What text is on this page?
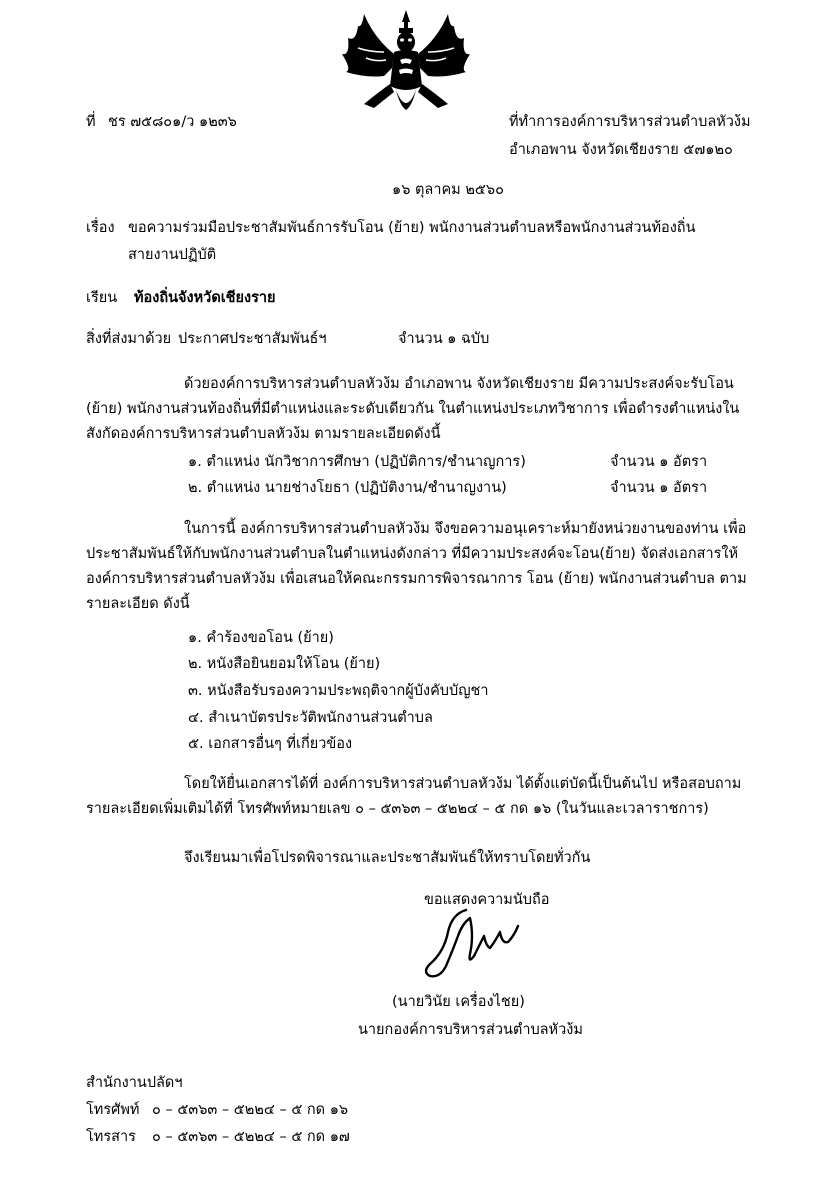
ที่ ชร ๗๕๘๐๑/ว ๑๒๓๖	ที่ทำการองค์การบริหารส่วนตำบลหัวง้ม
อำเภอพาน จังหวัดเชียงราย ๕๗๑๒๐
๑๖ ตุลาคม ๒๕๖๐
เรื่อง ขอความร่วมมือประชาสัมพันธ์การรับโอน (ย้าย) พนักงานส่วนตำบลหรือพนักงานส่วนท้องถิ่น
สายงานปฏิบัติ
เรียน ท้องถิ่นจังหวัดเชียงราย
สิ่งที่ส่งมาด้วย ประกาศประชาสัมพันธ์ฯ	จำนวน ๑ ฉบับ

ด้วยองค์การบริหารส่วนตำบลหัวง้ม อำเภอพาน จังหวัดเชียงราย มีความประสงค์จะรับโอน (ย้าย) พนักงานส่วนท้องถิ่นที่มีตำแหน่งและระดับเดียวกัน ในตำแหน่งประเภทวิชาการ เพื่อดำรงตำแหน่งในสังกัดองค์การบริหารส่วนตำบลหัวง้ม ตามรายละเอียดดังนี้

๑. ตำแหน่ง นักวิชาการศึกษา (ปฏิบัติการ/ชำนาญการ)	จำนวน ๑ อัตรา
๒. ตำแหน่ง นายช่างโยธา (ปฏิบัติงาน/ชำนาญงาน)	จำนวน ๑ อัตรา

ในการนี้ องค์การบริหารส่วนตำบลหัวง้ม จึงขอความอนุเคราะห์มายังหน่วยงานของท่าน เพื่อประชาสัมพันธ์ให้กับพนักงานส่วนตำบลในตำแหน่งดังกล่าว ที่มีความประสงค์จะโอน(ย้าย) จัดส่งเอกสารให้องค์การบริหารส่วนตำบลหัวง้ม เพื่อเสนอให้คณะกรรมการพิจารณาการ โอน (ย้าย) พนักงานส่วนตำบล ตามรายละเอียด ดังนี้

๑. คำร้องขอโอน (ย้าย)
๒. หนังสือยินยอมให้โอน (ย้าย)
๓. หนังสือรับรองความประพฤติจากผู้บังคับบัญชา
๔. สำเนาบัตรประวัติพนักงานส่วนตำบล
๕. เอกสารอื่นๆ ที่เกี่ยวข้อง

โดยให้ยื่นเอกสารได้ที่ องค์การบริหารส่วนตำบลหัวง้ม ได้ตั้งแต่บัดนี้เป็นต้นไป หรือสอบถามรายละเอียดเพิ่มเติมได้ที่ โทรศัพท์หมายเลข ๐ – ๕๓๖๓ – ๕๒๒๔ – ๕ กด ๑๖ (ในวันและเวลาราชการ)

จึงเรียนมาเพื่อโปรดพิจารณาและประชาสัมพันธ์ให้ทราบโดยทั่วกัน

ขอแสดงความนับถือ
(นายวินัย เครื่องไชย)
นายกองค์การบริหารส่วนตำบลหัวง้ม
สำนักงานปลัดฯ
โทรศัพท์ ๐ – ๕๓๖๓ – ๕๒๒๔ – ๕ กด ๑๖
โทรสาร ๐ – ๕๓๖๓ – ๕๒๒๔ – ๕ กด ๑๗
